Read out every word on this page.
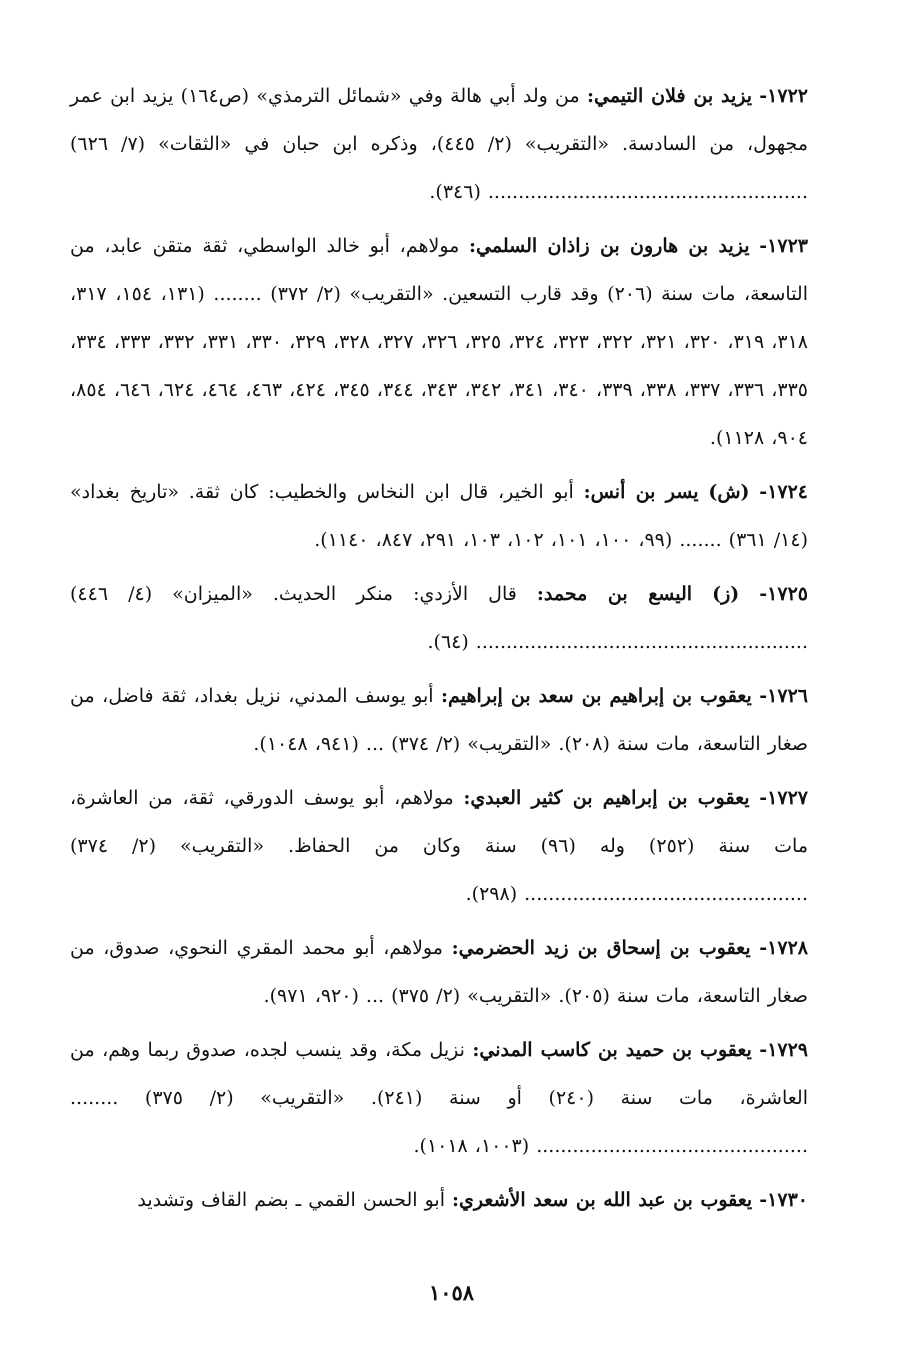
١٧٢٢- يزيد بن فلان التيمي: من ولد أبي هالة وفي «شمائل الترمذي» (ص١٦٤) يزيد ابن عمر مجهول، من السادسة. «التقريب» (٢/ ٤٤٥)، وذكره ابن حبان في «الثقات» (٧/ ٦٢٦) ..................................................... (٣٤٦).

١٧٢٣- يزيد بن هارون بن زاذان السلمي: مولاهم، أبو خالد الواسطي، ثقة متقن عابد، من التاسعة، مات سنة (٢٠٦) وقد قارب التسعين. «التقريب» (٢/ ٣٧٢) ........ (١٣١، ١٥٤، ٣١٧، ٣١٨، ٣١٩، ٣٢٠، ٣٢١، ٣٢٢، ٣٢٣، ٣٢٤، ٣٢٥، ٣٢٦، ٣٢٧، ٣٢٨، ٣٢٩، ٣٣٠، ٣٣١، ٣٣٢، ٣٣٣، ٣٣٤، ٣٣٥، ٣٣٦، ٣٣٧، ٣٣٨، ٣٣٩، ٣٤٠، ٣٤١، ٣٤٢، ٣٤٣، ٣٤٤، ٣٤٥، ٤٢٤، ٤٦٣، ٤٦٤، ٦٢٤، ٦٤٦، ٨٥٤، ٩٠٤، ١١٢٨).

١٧٢٤- (ش) يسر بن أنس: أبو الخير، قال ابن النخاس والخطيب: كان ثقة. «تاريخ بغداد» (١٤/ ٣٦١) ....... (٩٩، ١٠٠، ١٠١، ١٠٢، ١٠٣، ٢٩١، ٨٤٧، ١١٤٠).

١٧٢٥- (ز) اليسع بن محمد: قال الأزدي: منكر الحديث. «الميزان» (٤/ ٤٤٦) ....................................................... (٦٤).

١٧٢٦- يعقوب بن إبراهيم بن سعد بن إبراهيم: أبو يوسف المدني، نزيل بغداد، ثقة فاضل، من صغار التاسعة، مات سنة (٢٠٨). «التقريب» (٢/ ٣٧٤) ... (٩٤١، ١٠٤٨).

١٧٢٧- يعقوب بن إبراهيم بن كثير العبدي: مولاهم، أبو يوسف الدورقي، ثقة، من العاشرة، مات سنة (٢٥٢) وله (٩٦) سنة وكان من الحفاظ. «التقريب» (٢/ ٣٧٤) ............................................... (٢٩٨).

١٧٢٨- يعقوب بن إسحاق بن زيد الحضرمي: مولاهم، أبو محمد المقري النحوي، صدوق، من صغار التاسعة، مات سنة (٢٠٥). «التقريب» (٢/ ٣٧٥) ... (٩٢٠، ٩٧١).

١٧٢٩- يعقوب بن حميد بن كاسب المدني: نزيل مكة، وقد ينسب لجده، صدوق ربما وهم، من العاشرة، مات سنة (٢٤٠) أو سنة (٢٤١). «التقريب» (٢/ ٣٧٥) ........ ............................................. (١٠٠٣، ١٠١٨).

١٧٣٠- يعقوب بن عبد الله بن سعد الأشعري: أبو الحسن القمي ـ بضم القاف وتشديد

١٠٥٨
